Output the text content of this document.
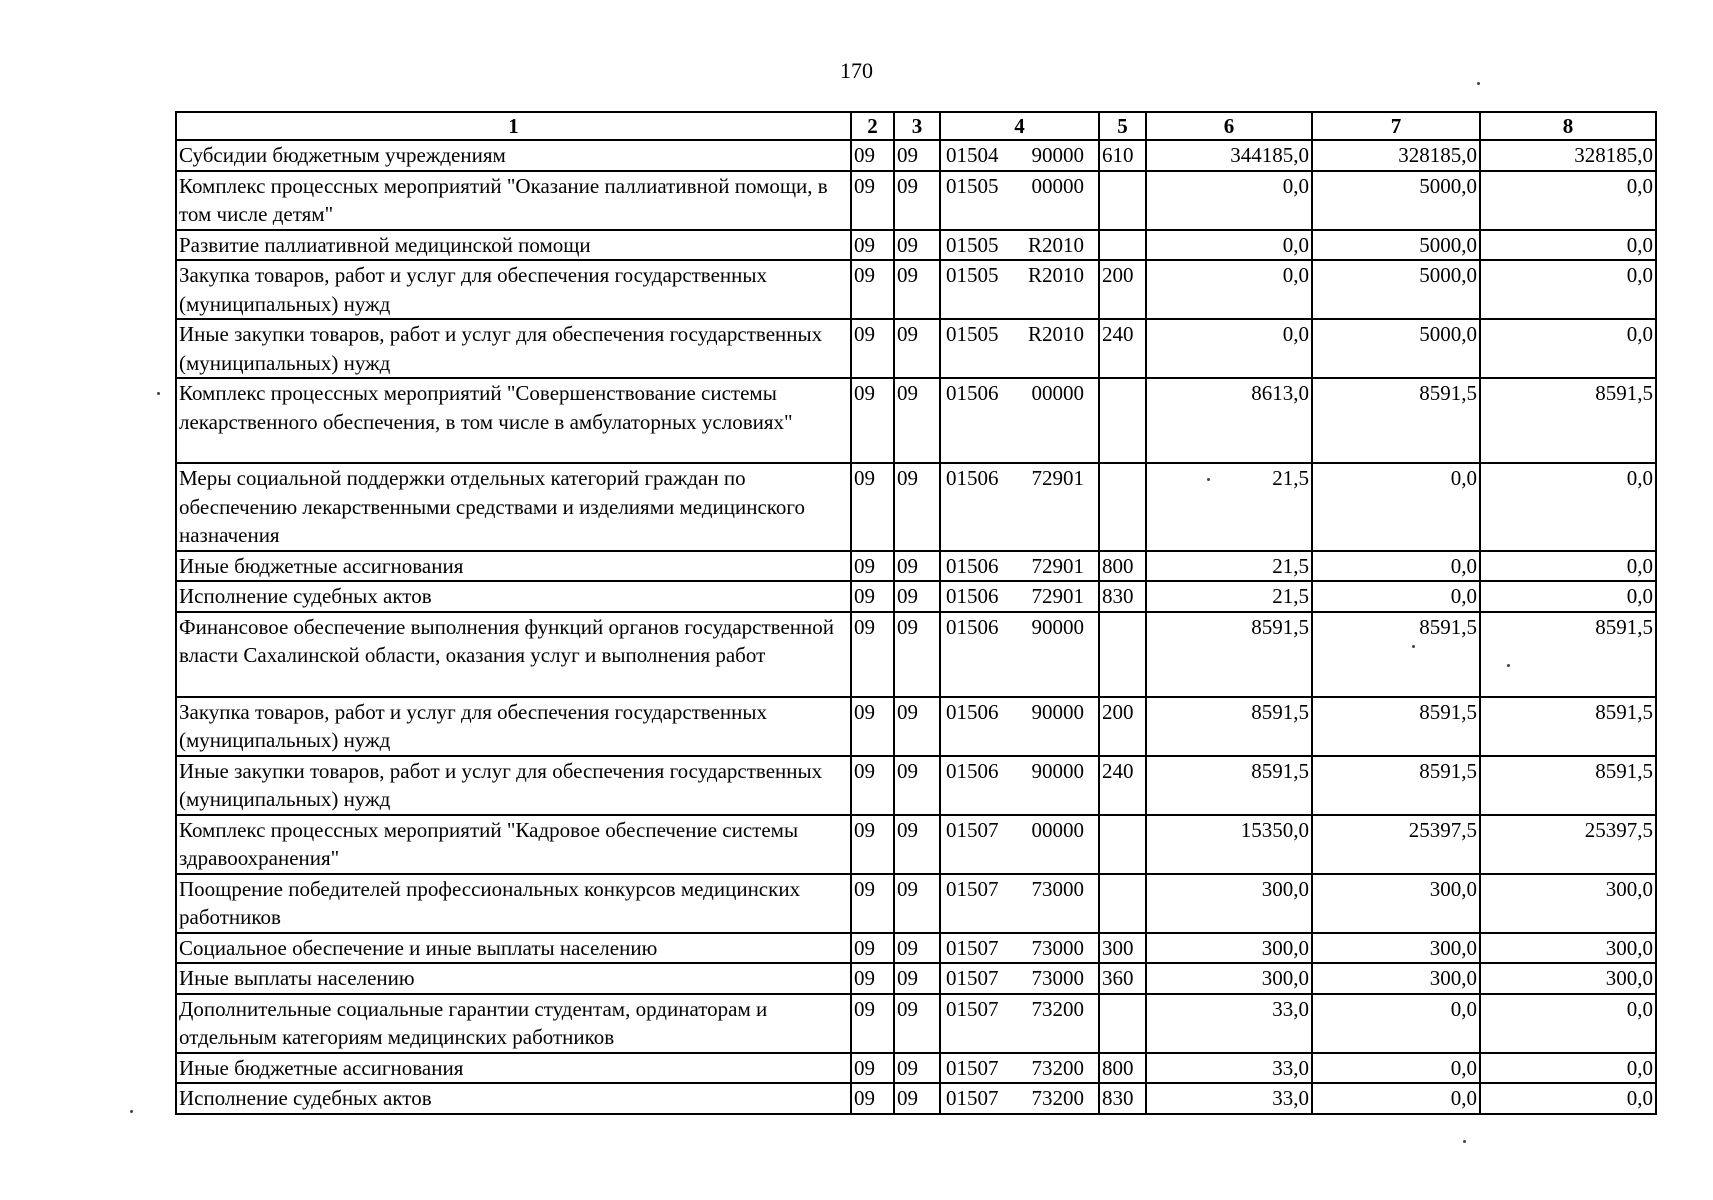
170
1	2	3	4	5	6	7	8
Субсидии бюджетным учреждениям	09	09	01504 90000	610	344185,0	328185,0	328185,0
Комплекс процессных мероприятий "Оказание паллиативной помощи, в том числе детям"	09	09	01505 00000		0,0	5000,0	0,0
Развитие паллиативной медицинской помощи	09	09	01505 R2010		0,0	5000,0	0,0
Закупка товаров, работ и услуг для обеспечения государственных (муниципальных) нужд	09	09	01505 R2010	200	0,0	5000,0	0,0
Иные закупки товаров, работ и услуг для обеспечения государственных (муниципальных) нужд	09	09	01505 R2010	240	0,0	5000,0	0,0
Комплекс процессных мероприятий "Совершенствование системы лекарственного обеспечения, в том числе в амбулаторных условиях"	09	09	01506 00000		8613,0	8591,5	8591,5
Меры социальной поддержки отдельных категорий граждан по обеспечению лекарственными средствами и изделиями медицинского назначения	09	09	01506 72901		21,5	0,0	0,0
Иные бюджетные ассигнования	09	09	01506 72901	800	21,5	0,0	0,0
Исполнение судебных актов	09	09	01506 72901	830	21,5	0,0	0,0
Финансовое обеспечение выполнения функций органов государственной власти Сахалинской области, оказания услуг и выполнения работ	09	09	01506 90000		8591,5	8591,5	8591,5
Закупка товаров, работ и услуг для обеспечения государственных (муниципальных) нужд	09	09	01506 90000	200	8591,5	8591,5	8591,5
Иные закупки товаров, работ и услуг для обеспечения государственных (муниципальных) нужд	09	09	01506 90000	240	8591,5	8591,5	8591,5
Комплекс процессных мероприятий "Кадровое обеспечение системы здравоохранения"	09	09	01507 00000		15350,0	25397,5	25397,5
Поощрение победителей профессиональных конкурсов медицинских работников	09	09	01507 73000		300,0	300,0	300,0
Социальное обеспечение и иные выплаты населению	09	09	01507 73000	300	300,0	300,0	300,0
Иные выплаты населению	09	09	01507 73000	360	300,0	300,0	300,0
Дополнительные социальные гарантии студентам, ординаторам и отдельным категориям медицинских работников	09	09	01507 73200		33,0	0,0	0,0
Иные бюджетные ассигнования	09	09	01507 73200	800	33,0	0,0	0,0
Исполнение судебных актов	09	09	01507 73200	830	33,0	0,0	0,0
